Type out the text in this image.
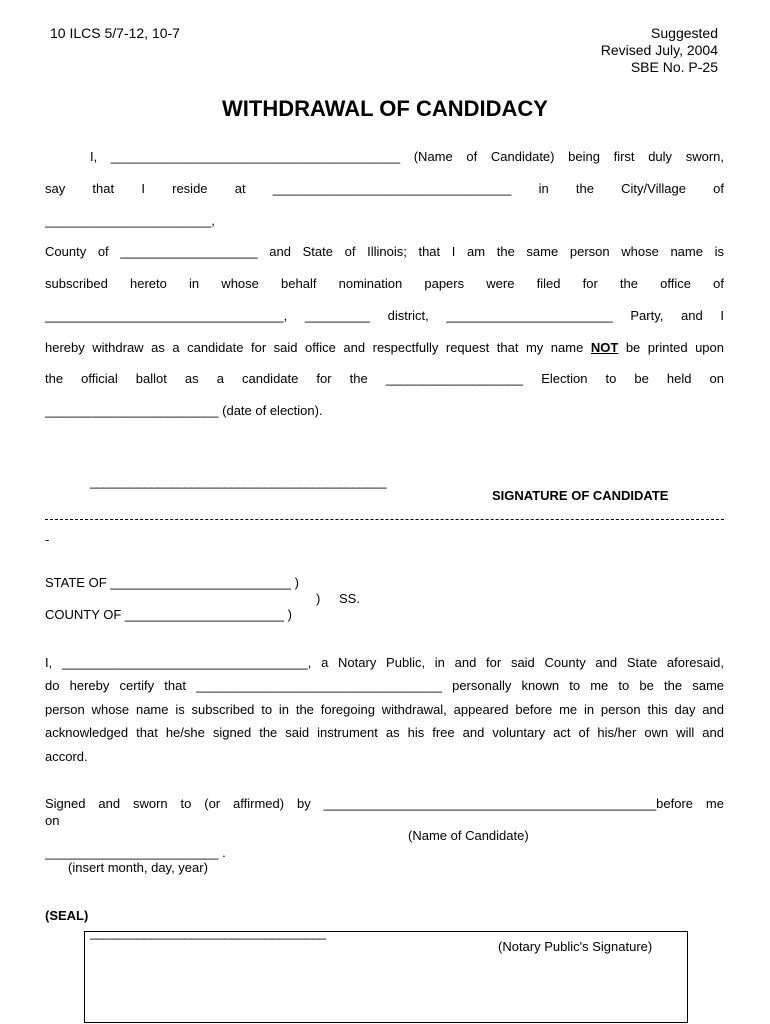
10 ILCS 5/7-12, 10-7	Suggested
Revised July, 2004
SBE No. P-25
WITHDRAWAL OF CANDIDACY
I, ________________________________________ (Name of Candidate) being first duly sworn,
say that I reside at _________________________________ in the City/Village of
_______________________,
County of ___________________ and State of Illinois; that I am the same person whose name is
subscribed hereto in whose behalf nomination papers were filed for the office of
_________________________________, _________ district, _______________________ Party, and I
hereby withdraw as a candidate for said office and respectfully request that my name NOT be printed upon
the official ballot as a candidate for the ___________________ Election to be held on
________________________ (date of election).
____________________________________________
SIGNATURE OF CANDIDATE
-
STATE OF _________________________ )
) SS.
COUNTY OF ______________________ )
I, __________________________________, a Notary Public, in and for said County and State aforesaid,
do hereby certify that __________________________________ personally known to me to be the same
person whose name is subscribed to in the foregoing withdrawal, appeared before me in person this day and
acknowledged that he/she signed the said instrument as his free and voluntary act of his/her own will and
accord.
Signed and sworn to (or affirmed) by ______________________________________________before me
on
(Name of Candidate)
________________________ .
(insert month, day, year)
(SEAL)
___________________________________
(Notary Public's Signature)
